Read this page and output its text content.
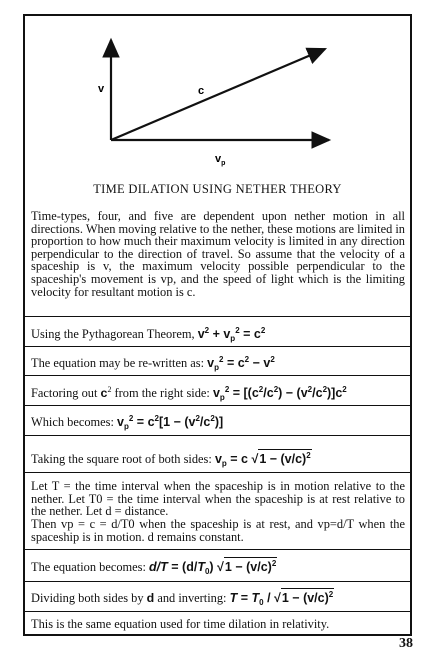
v	c
$v_p$
TIME DILATION USING NETHER THEORY
Time-types, four, and five are dependent upon nether motion in all directions. When moving relative to the nether, these motions are limited in proportion to how much their maximum velocity is limited in any direction perpendicular to the direction of travel. So assume that the velocity of a spaceship is v, the maximum velocity possible perpendicular to the spaceship's movement is vp, and the speed of light which is the limiting velocity for resultant motion is c.
Using the Pythagorean Theorem, $v^2 + v_p^2 = c^2$
The equation may be re-written as: $v_p^2 = c^2 - v^2$
Factoring out $c^2$ from the right side: $v_p^2 = [(c^2/c^2) - (v^2/c^2)]c^2$
Which becomes: $v_p^2 = c^2[1 - (v^2/c^2)]$
Taking the square root of both sides: $v_p = c$ $√1 - (v/c)^2$
Let T = the time interval when the spaceship is in motion relative to the nether. Let T0 = the time interval when the spaceship is at rest relative to the nether. Let d = distance.
Then vp = c = d/T0 when the spaceship is at rest, and vp=d/T when the spaceship is in motion. d remains constant.
The equation becomes: $d/T = (d/T_0) √1 - (v/c)^2$
Dividing both sides by d and inverting: $T = T_0 / √1 - (v/c)^2$
This is the same equation used for time dilation in relativity.
38
